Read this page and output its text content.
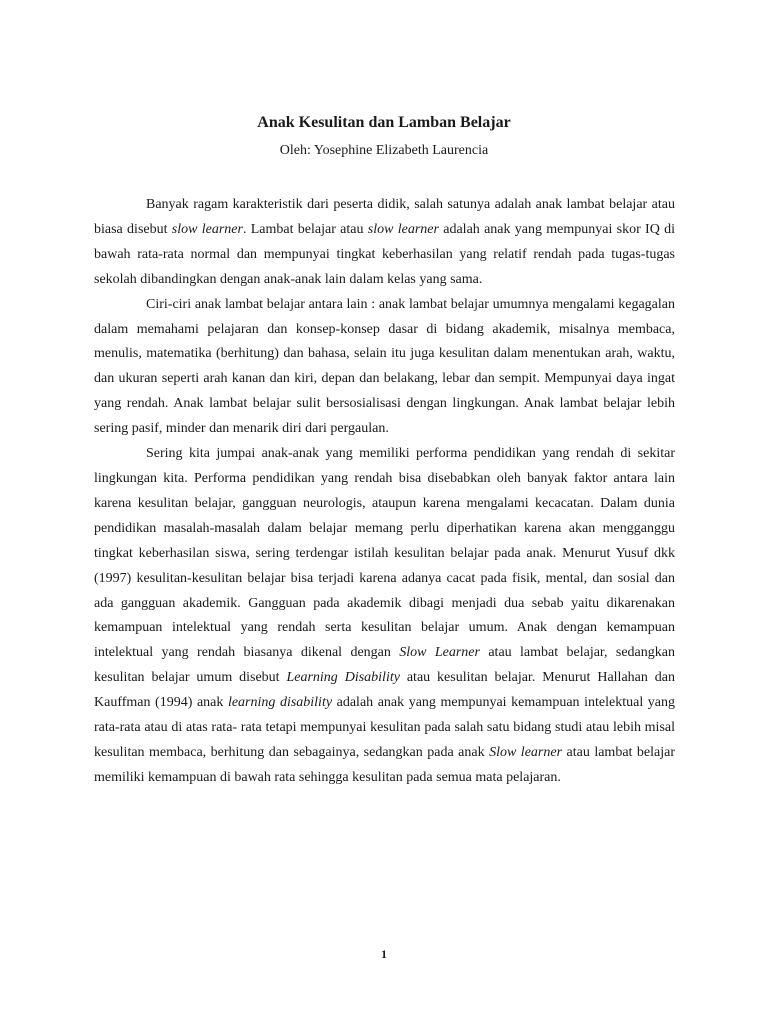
Anak Kesulitan dan Lamban Belajar

Oleh: Yosephine Elizabeth Laurencia

Banyak ragam karakteristik dari peserta didik, salah satunya adalah anak lambat belajar atau biasa disebut slow learner. Lambat belajar atau slow learner adalah anak yang mempunyai skor IQ di bawah rata-rata normal dan mempunyai tingkat keberhasilan yang relatif rendah pada tugas-tugas sekolah dibandingkan dengan anak-anak lain dalam kelas yang sama.

Ciri-ciri anak lambat belajar antara lain : anak lambat belajar umumnya mengalami kegagalan dalam memahami pelajaran dan konsep-konsep dasar di bidang akademik, misalnya membaca, menulis, matematika (berhitung) dan bahasa, selain itu juga kesulitan dalam menentukan arah, waktu, dan ukuran seperti arah kanan dan kiri, depan dan belakang, lebar dan sempit. Mempunyai daya ingat yang rendah. Anak lambat belajar sulit bersosialisasi dengan lingkungan. Anak lambat belajar lebih sering pasif, minder dan menarik diri dari pergaulan.

Sering kita jumpai anak-anak yang memiliki performa pendidikan yang rendah di sekitar lingkungan kita. Performa pendidikan yang rendah bisa disebabkan oleh banyak faktor antara lain karena kesulitan belajar, gangguan neurologis, ataupun karena mengalami kecacatan. Dalam dunia pendidikan masalah-masalah dalam belajar memang perlu diperhatikan karena akan mengganggu tingkat keberhasilan siswa, sering terdengar istilah kesulitan belajar pada anak. Menurut Yusuf dkk (1997) kesulitan-kesulitan belajar bisa terjadi karena adanya cacat pada fisik, mental, dan sosial dan ada gangguan akademik. Gangguan pada akademik dibagi menjadi dua sebab yaitu dikarenakan kemampuan intelektual yang rendah serta kesulitan belajar umum. Anak dengan kemampuan intelektual yang rendah biasanya dikenal dengan Slow Learner atau lambat belajar, sedangkan kesulitan belajar umum disebut Learning Disability atau kesulitan belajar. Menurut Hallahan dan Kauffman (1994) anak learning disability adalah anak yang mempunyai kemampuan intelektual yang rata-rata atau di atas rata- rata tetapi mempunyai kesulitan pada salah satu bidang studi atau lebih misal kesulitan membaca, berhitung dan sebagainya, sedangkan pada anak Slow learner atau lambat belajar memiliki kemampuan di bawah rata sehingga kesulitan pada semua mata pelajaran.

1
